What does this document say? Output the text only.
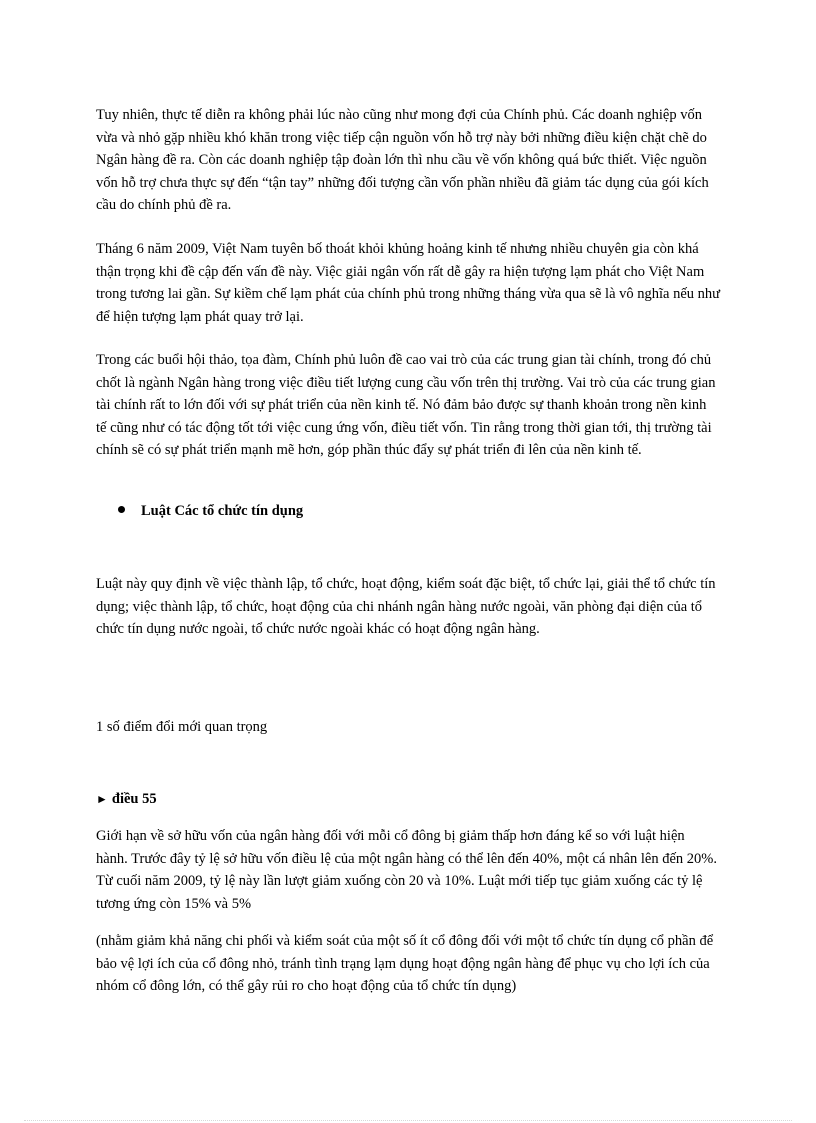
Tuy nhiên, thực tế diễn ra không phải lúc nào cũng như mong đợi của Chính phủ. Các doanh nghiệp vốn vừa và nhỏ gặp nhiều khó khăn trong việc tiếp cận nguồn vốn hỗ trợ này bởi những điều kiện chặt chẽ do Ngân hàng đề ra. Còn các doanh nghiệp tập đoàn lớn thì nhu cầu về vốn không quá bức thiết. Việc nguồn vốn hỗ trợ chưa thực sự đến “tận tay” những đối tượng cần vốn phần nhiều đã giảm tác dụng của gói kích cầu do chính phủ đề ra.

Tháng 6 năm 2009, Việt Nam tuyên bố thoát khỏi khủng hoảng kinh tế nhưng nhiều chuyên gia còn khá thận trọng khi đề cập đến vấn đề này. Việc giải ngân vốn rất dễ gây ra hiện tượng lạm phát cho Việt Nam trong tương lai gần. Sự kiềm chế lạm phát của chính phủ trong những tháng vừa qua sẽ là vô nghĩa nếu như để hiện tượng lạm phát quay trở lại.

Trong các buổi hội thảo, tọa đàm, Chính phủ luôn đề cao vai trò của các trung gian tài chính, trong đó chủ chốt là ngành Ngân hàng trong việc điều tiết lượng cung cầu vốn trên thị trường. Vai trò của các trung gian tài chính rất to lớn đối với sự phát triển của nền kinh tế. Nó đảm bảo được sự thanh khoản trong nền kinh tế cũng như có tác động tốt tới việc cung ứng vốn, điều tiết vốn. Tin rằng trong thời gian tới, thị trường tài chính sẽ có sự phát triển mạnh mẽ hơn, góp phần thúc đẩy sự phát triển đi lên của nền kinh tế.

Luật Các tổ chức tín dụng

Luật này quy định về việc thành lập, tổ chức, hoạt động, kiểm soát đặc biệt, tổ chức lại, giải thể tổ chức tín dụng; việc thành lập, tổ chức, hoạt động của chi nhánh ngân hàng nước ngoài, văn phòng đại diện của tổ chức tín dụng nước ngoài, tổ chức nước ngoài khác có hoạt động ngân hàng.

1 số điểm đổi mới quan trọng

► điều 55

Giới hạn về sở hữu vốn của ngân hàng đối với mỗi cổ đông bị giảm thấp hơn đáng kể so với luật hiện hành. Trước đây tỷ lệ sở hữu vốn điều lệ của một ngân hàng có thể lên đến 40%, một cá nhân lên đến 20%. Từ cuối năm 2009, tỷ lệ này lần lượt giảm xuống còn 20 và 10%. Luật mới tiếp tục giảm xuống các tỷ lệ tương ứng còn 15% và 5%

(nhằm giảm khả năng chi phối và kiểm soát của một số ít cổ đông đối với một tổ chức tín dụng cổ phần để bảo vệ lợi ích của cổ đông nhỏ, tránh tình trạng lạm dụng hoạt động ngân hàng để phục vụ cho lợi ích của nhóm cổ đông lớn, có thể gây rủi ro cho hoạt động của tổ chức tín dụng)
